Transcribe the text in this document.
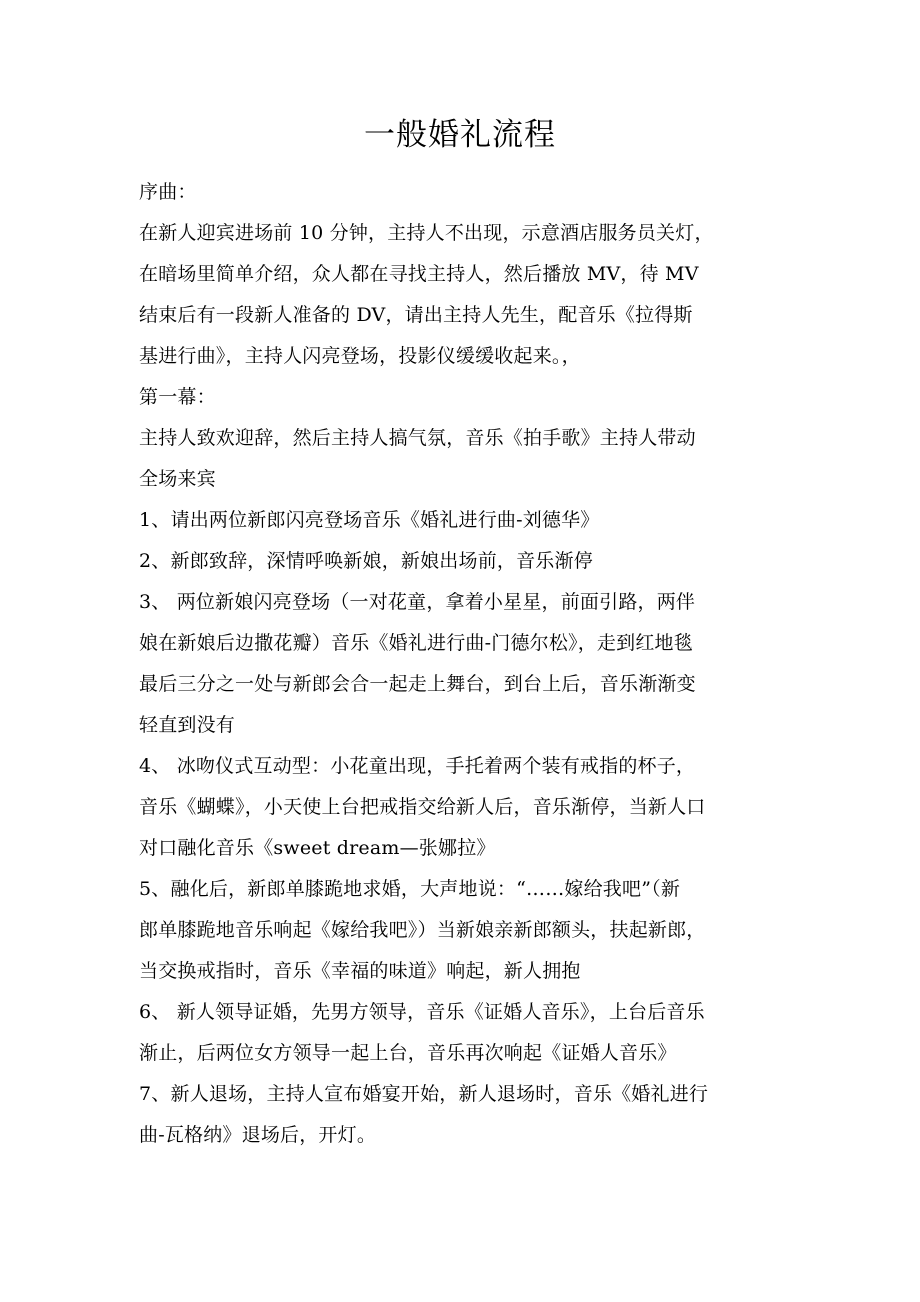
一般婚礼流程
序曲：
在新人迎宾进场前 10 分钟，主持人不出现，示意酒店服务员关灯，
在暗场里简单介绍，众人都在寻找主持人，然后播放 MV，待 MV
结束后有一段新人准备的 DV，请出主持人先生，配音乐《拉得斯
基进行曲》，主持人闪亮登场，投影仪缓缓收起来。，
第一幕：
主持人致欢迎辞，然后主持人搞气氛，音乐《拍手歌》主持人带动
全场来宾
1、请出两位新郎闪亮登场音乐《婚礼进行曲-刘德华》
2、新郎致辞，深情呼唤新娘，新娘出场前，音乐渐停
3、 两位新娘闪亮登场（一对花童，拿着小星星，前面引路，两伴
娘在新娘后边撒花瓣）音乐《婚礼进行曲-门德尔松》，走到红地毯
最后三分之一处与新郎会合一起走上舞台，到台上后，音乐渐渐变
轻直到没有
4、 冰吻仪式互动型：小花童出现，手托着两个装有戒指的杯子，
音乐《蝴蝶》，小天使上台把戒指交给新人后，音乐渐停，当新人口
对口融化音乐《sweet dream—张娜拉》
5、融化后，新郎单膝跪地求婚，大声地说：“……嫁给我吧”（新
郎单膝跪地音乐响起《嫁给我吧》）当新娘亲新郎额头，扶起新郎，
当交换戒指时，音乐《幸福的味道》响起，新人拥抱
6、 新人领导证婚，先男方领导，音乐《证婚人音乐》，上台后音乐
渐止，后两位女方领导一起上台，音乐再次响起《证婚人音乐》
7、新人退场，主持人宣布婚宴开始，新人退场时，音乐《婚礼进行
曲-瓦格纳》退场后，开灯。
